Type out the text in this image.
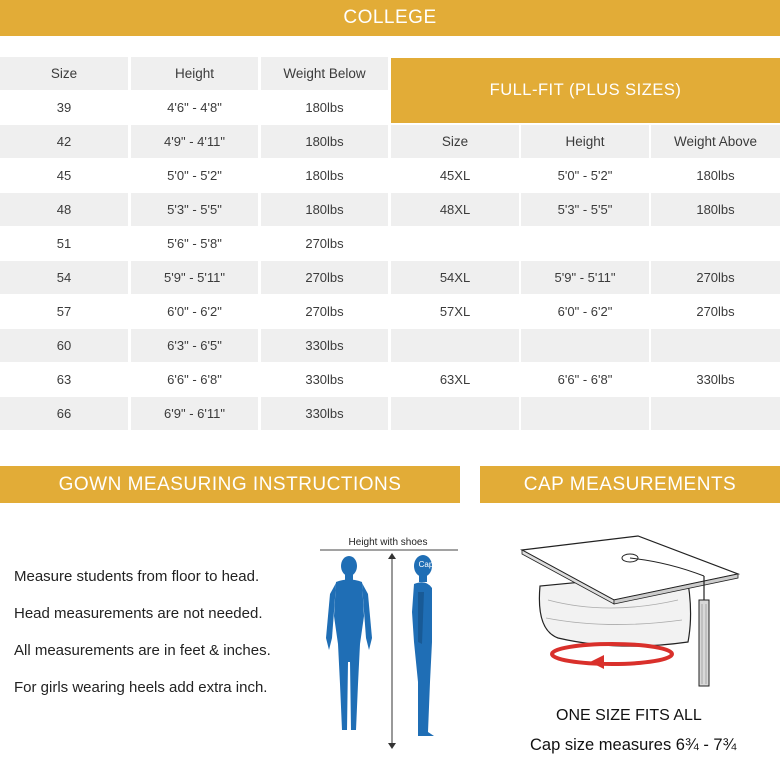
COLLEGE
Size	Height	Weight Below
39	4'6" - 4'8"	180lbs
42	4'9" - 4'11"	180lbs
45	5'0" - 5'2"	180lbs
48	5'3" - 5'5"	180lbs
51	5'6" - 5'8"	270lbs
54	5'9" - 5'11"	270lbs
57	6'0" - 6'2"	270lbs
60	6'3" - 6'5"	330lbs
63	6'6" - 6'8"	330lbs
66	6'9" - 6'11"	330lbs
FULL-FIT (PLUS SIZES)
Size	Height	Weight Above
45XL	5'0" - 5'2"	180lbs
48XL	5'3" - 5'5"	180lbs
54XL	5'9" - 5'11"	270lbs
57XL	6'0" - 6'2"	270lbs
63XL	6'6" - 6'8"	330lbs
GOWN MEASURING INSTRUCTIONS	CAP MEASUREMENTS
Measure students from floor to head.
Head measurements are not needed.
All measurements are in feet & inches.
For girls wearing heels add extra inch.
Height with shoes
Cap
ONE SIZE FITS ALL
Cap size measures 6¾ - 7¾
